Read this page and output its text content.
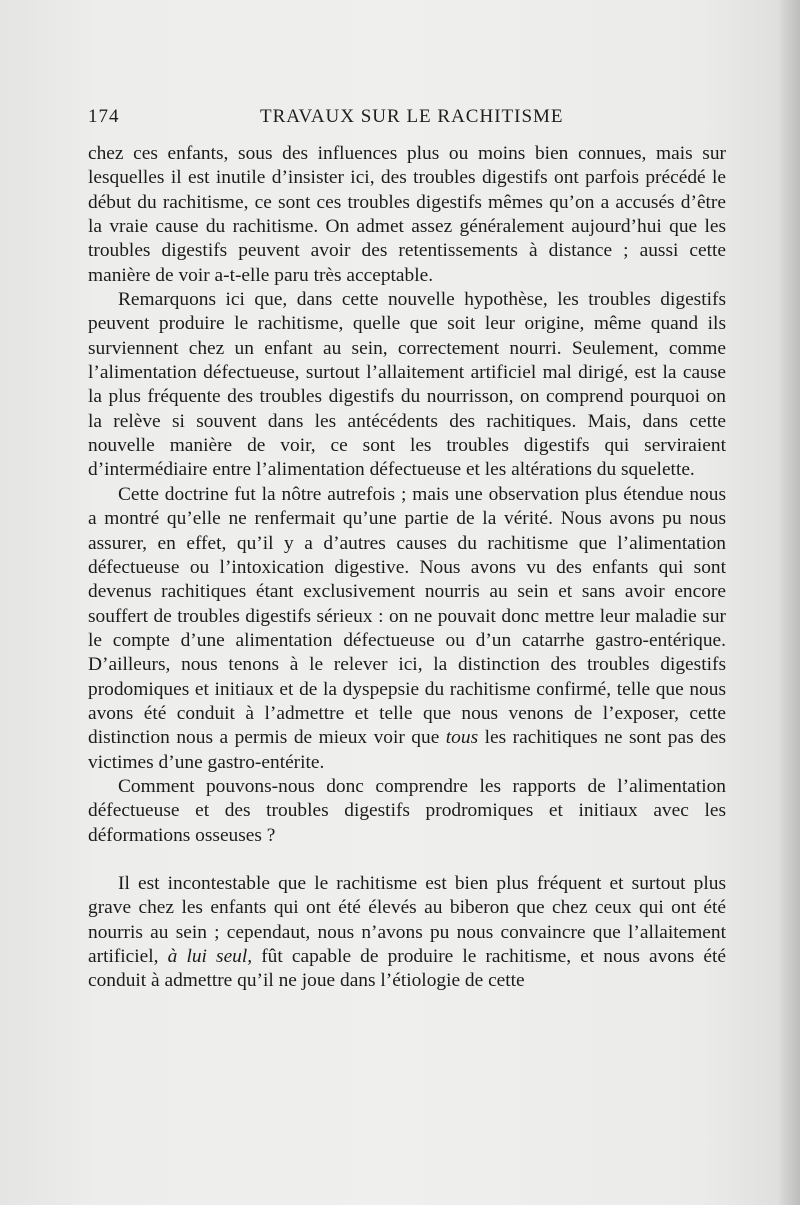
174	TRAVAUX SUR LE RACHITISME

chez ces enfants, sous des influences plus ou moins bien connues, mais sur lesquelles il est inutile d’insister ici, des troubles digestifs ont parfois précédé le début du rachitisme, ce sont ces troubles digestifs mêmes qu’on a accusés d’être la vraie cause du rachitisme. On admet assez généralement aujourd’hui que les troubles digestifs peuvent avoir des retentissements à distance ; aussi cette manière de voir a-t-elle paru très acceptable.

Remarquons ici que, dans cette nouvelle hypothèse, les troubles digestifs peuvent produire le rachitisme, quelle que soit leur origine, même quand ils surviennent chez un enfant au sein, correctement nourri. Seulement, comme l’alimentation défectueuse, surtout l’allaitement artificiel mal dirigé, est la cause la plus fréquente des troubles digestifs du nourrisson, on comprend pourquoi on la relève si souvent dans les antécédents des rachitiques. Mais, dans cette nouvelle manière de voir, ce sont les troubles digestifs qui serviraient d’intermédiaire entre l’alimentation défectueuse et les altérations du squelette.

Cette doctrine fut la nôtre autrefois ; mais une observation plus étendue nous a montré qu’elle ne renfermait qu’une partie de la vérité. Nous avons pu nous assurer, en effet, qu’il y a d’autres causes du rachitisme que l’alimentation défectueuse ou l’intoxication digestive. Nous avons vu des enfants qui sont devenus rachitiques étant exclusivement nourris au sein et sans avoir encore souffert de troubles digestifs sérieux : on ne pouvait donc mettre leur maladie sur le compte d’une alimentation défectueuse ou d’un catarrhe gastro-entérique. D’ailleurs, nous tenons à le relever ici, la distinction des troubles digestifs prodomiques et initiaux et de la dyspepsie du rachitisme confirmé, telle que nous avons été conduit à l’admettre et telle que nous venons de l’exposer, cette distinction nous a permis de mieux voir que tous les rachitiques ne sont pas des victimes d’une gastro-entérite.

Comment pouvons-nous donc comprendre les rapports de l’alimentation défectueuse et des troubles digestifs prodromiques et initiaux avec les déformations osseuses ?

Il est incontestable que le rachitisme est bien plus fréquent et surtout plus grave chez les enfants qui ont été élevés au biberon que chez ceux qui ont été nourris au sein ; cependaut, nous n’avons pu nous convaincre que l’allaitement artificiel, à lui seul, fût capable de produire le rachitisme, et nous avons été conduit à admettre qu’il ne joue dans l’étiologie de cette
